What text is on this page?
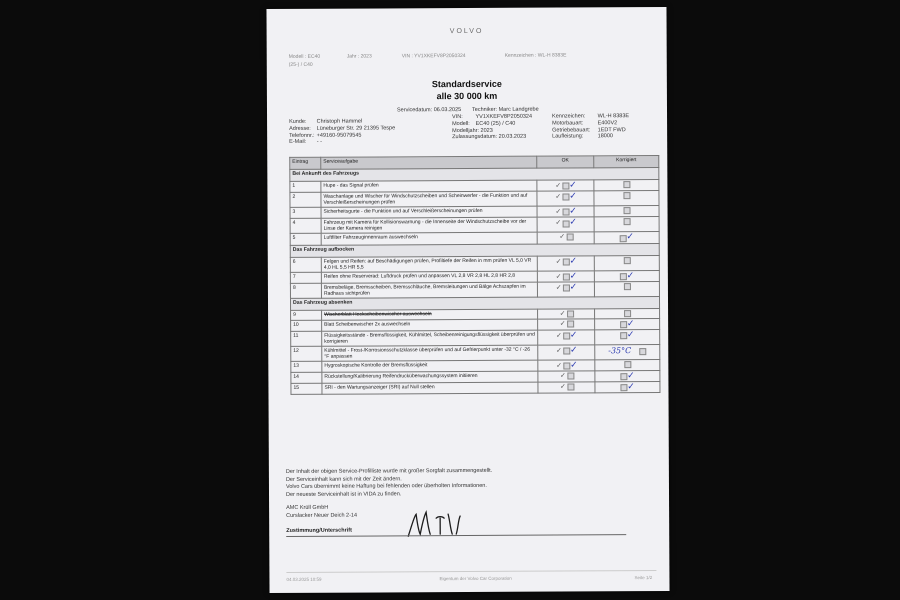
VOLVO
Modell : EC40
(25-) / C40
Jahr : 2023	VIN : YV1XKEFV8P2050324	Kennzeichen : WL-H 8383E
Standardservice
alle 30 000 km
Servicedatum: 06.03.2025 Techniker: Marc Landgrebe
Kunde: Christoph Hammel
Adresse: Lüneburger Str. 29 21395 Tespe
Telefonnr.: +49160-95079545
E-Mail: - -
VIN: YV1XKEFV8P2050324
Modell: EC40 (25) / C40
Modelljahr: 2023
Zulassungsdatum: 20.03.2023
Kennzeichen: WL-H 8383E
Motorbauart:	E400V2
Getriebebauart: 1EDT FWD
Laufleistung:	18000
Eintrag	Serviceaufgabe	OK	Korrigiert
Bei Ankunft des Fahrzeugs			
1	Hupe - das Signal prüfen	✓ ✓	
2	Waschanlage und Wischer für Windschutzscheiben und Scheinwerfer - die Funktion und auf Verschleißerscheinungen prüfen	✓ ✓	
3	Sicherheitsgurte - die Funktion und auf Verschleißerscheinungen prüfen	✓ ✓	
4	Fahrzeug mit Kamera für Kollisionswarnung - die Innenseite der Windschutzscheibe vor der Linse der Kamera reinigen	✓ ✓	
5	Luftfilter Fahrzeuginnenraum auswechseln	✓	✓
Das Fahrzeug aufbocken			
6	Felgen und Reifen: auf Beschädigungen prüfen, Profiltiefe der Reifen in mm prüfen VL 5,0 VR 4,0 HL 5,5 HR 5,5	✓ ✓	
7	Reifen ohne Reserverad: Luftdruck prüfen und anpassen VL 2,8 VR 2,8 HL 2,8 HR 2,8	✓ ✓	✓
8	Bremsbeläge, Bremsscheiben, Bremsschläuche, Bremsleitungen und Bälge Achszapfen im Radhaus sichtprüfen	✓ ✓	
Das Fahrzeug absenken			
9	Wischerblatt Heckscheibenwischer auswechseln	✓	
10	Blatt Scheibenwischer 2x auswechseln	✓	✓
11	Flüssigkeitsstände - Bremsflüssigkeit, Kühlmittel, Scheibenreinigungsflüssigkeit überprüfen und korrigieren	✓ ✓	✓
12	Kühlmittel - Frost-/Korrosionsschutzklasse überprüfen und auf Gefrierpunkt unter -32 °C / -26 °F anpassen	✓ ✓	-35°C
13	Hygroskopische Kontrolle der Bremsflüssigkeit	✓ ✓	
14	Rückstellung/Kalibrierung Reifendrucküberwachungssystem initiieren	✓	✓
15	SRI - den Wartungsanzeiger (SRI) auf Null stellen	✓	✓
Der Inhalt der obigen Service-Profilliste wurde mit großer Sorgfalt zusammengestellt.
Der Serviceinhalt kann sich mit der Zeit ändern.
Volvo Cars übernimmt keine Haftung bei fehlenden oder überholten Informationen.
Der neueste Serviceinhalt ist in VIDA zu finden.
AMC Krüll GmbH
Curslacker Neuer Deich 2-14
Zustimmung/Unterschrift
04.03.2025 10:59	Eigentum der Volvo Car Corporation	Seite 1/2
